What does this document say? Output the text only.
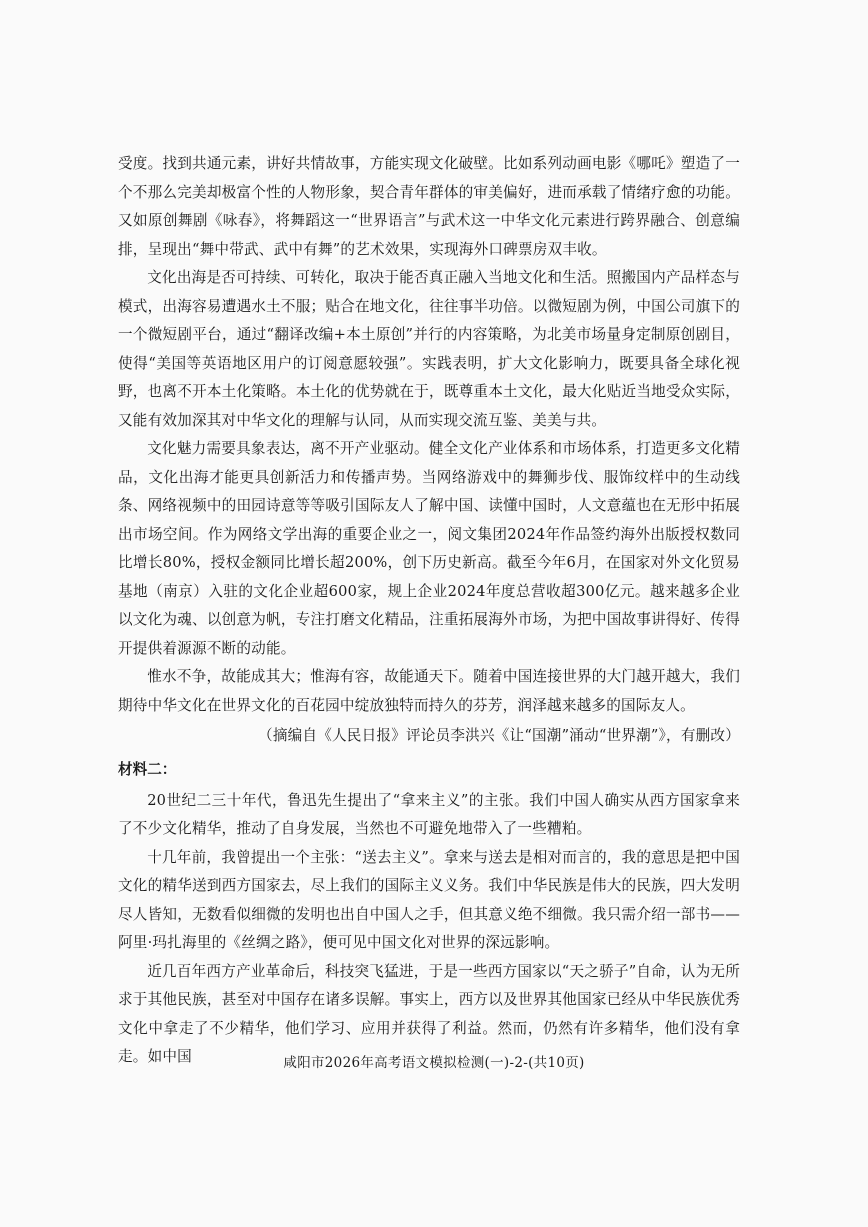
受度。找到共通元素，讲好共情故事，方能实现文化破壁。比如系列动画电影《哪吒》塑造了一个不那么完美却极富个性的人物形象，契合青年群体的审美偏好，进而承载了情绪疗愈的功能。又如原创舞剧《咏春》，将舞蹈这一“世界语言”与武术这一中华文化元素进行跨界融合、创意编排，呈现出“舞中带武、武中有舞”的艺术效果，实现海外口碑票房双丰收。

文化出海是否可持续、可转化，取决于能否真正融入当地文化和生活。照搬国内产品样态与模式，出海容易遭遇水土不服；贴合在地文化，往往事半功倍。以微短剧为例，中国公司旗下的一个微短剧平台，通过“翻译改编+本土原创”并行的内容策略，为北美市场量身定制原创剧目，使得“美国等英语地区用户的订阅意愿较强”。实践表明，扩大文化影响力，既要具备全球化视野，也离不开本土化策略。本土化的优势就在于，既尊重本土文化，最大化贴近当地受众实际，又能有效加深其对中华文化的理解与认同，从而实现交流互鉴、美美与共。

文化魅力需要具象表达，离不开产业驱动。健全文化产业体系和市场体系，打造更多文化精品，文化出海才能更具创新活力和传播声势。当网络游戏中的舞狮步伐、服饰纹样中的生动线条、网络视频中的田园诗意等等吸引国际友人了解中国、读懂中国时，人文意蕴也在无形中拓展出市场空间。作为网络文学出海的重要企业之一，阅文集团2024年作品签约海外出版授权数同比增长80%，授权金额同比增长超200%，创下历史新高。截至今年6月，在国家对外文化贸易基地（南京）入驻的文化企业超600家，规上企业2024年度总营收超300亿元。越来越多企业以文化为魂、以创意为帆，专注打磨文化精品，注重拓展海外市场，为把中国故事讲得好、传得开提供着源源不断的动能。

惟水不争，故能成其大；惟海有容，故能通天下。随着中国连接世界的大门越开越大，我们期待中华文化在世界文化的百花园中绽放独特而持久的芬芳，润泽越来越多的国际友人。

（摘编自《人民日报》评论员李洪兴《让“国潮”涌动“世界潮”》，有删改）

材料二：

20世纪二三十年代，鲁迅先生提出了“拿来主义”的主张。我们中国人确实从西方国家拿来了不少文化精华，推动了自身发展，当然也不可避免地带入了一些糟粕。

十几年前，我曾提出一个主张：“送去主义”。拿来与送去是相对而言的，我的意思是把中国文化的精华送到西方国家去，尽上我们的国际主义义务。我们中华民族是伟大的民族，四大发明尽人皆知，无数看似细微的发明也出自中国人之手，但其意义绝不细微。我只需介绍一部书——阿里·玛扎海里的《丝绸之路》，便可见中国文化对世界的深远影响。

近几百年西方产业革命后，科技突飞猛进，于是一些西方国家以“天之骄子”自命，认为无所求于其他民族，甚至对中国存在诸多误解。事实上，西方以及世界其他国家已经从中华民族优秀文化中拿走了不少精华，他们学习、应用并获得了利益。然而，仍然有许多精华，他们没有拿走。如中国	咸阳市2026年高考语文模拟检测(一)-2-(共10页)
